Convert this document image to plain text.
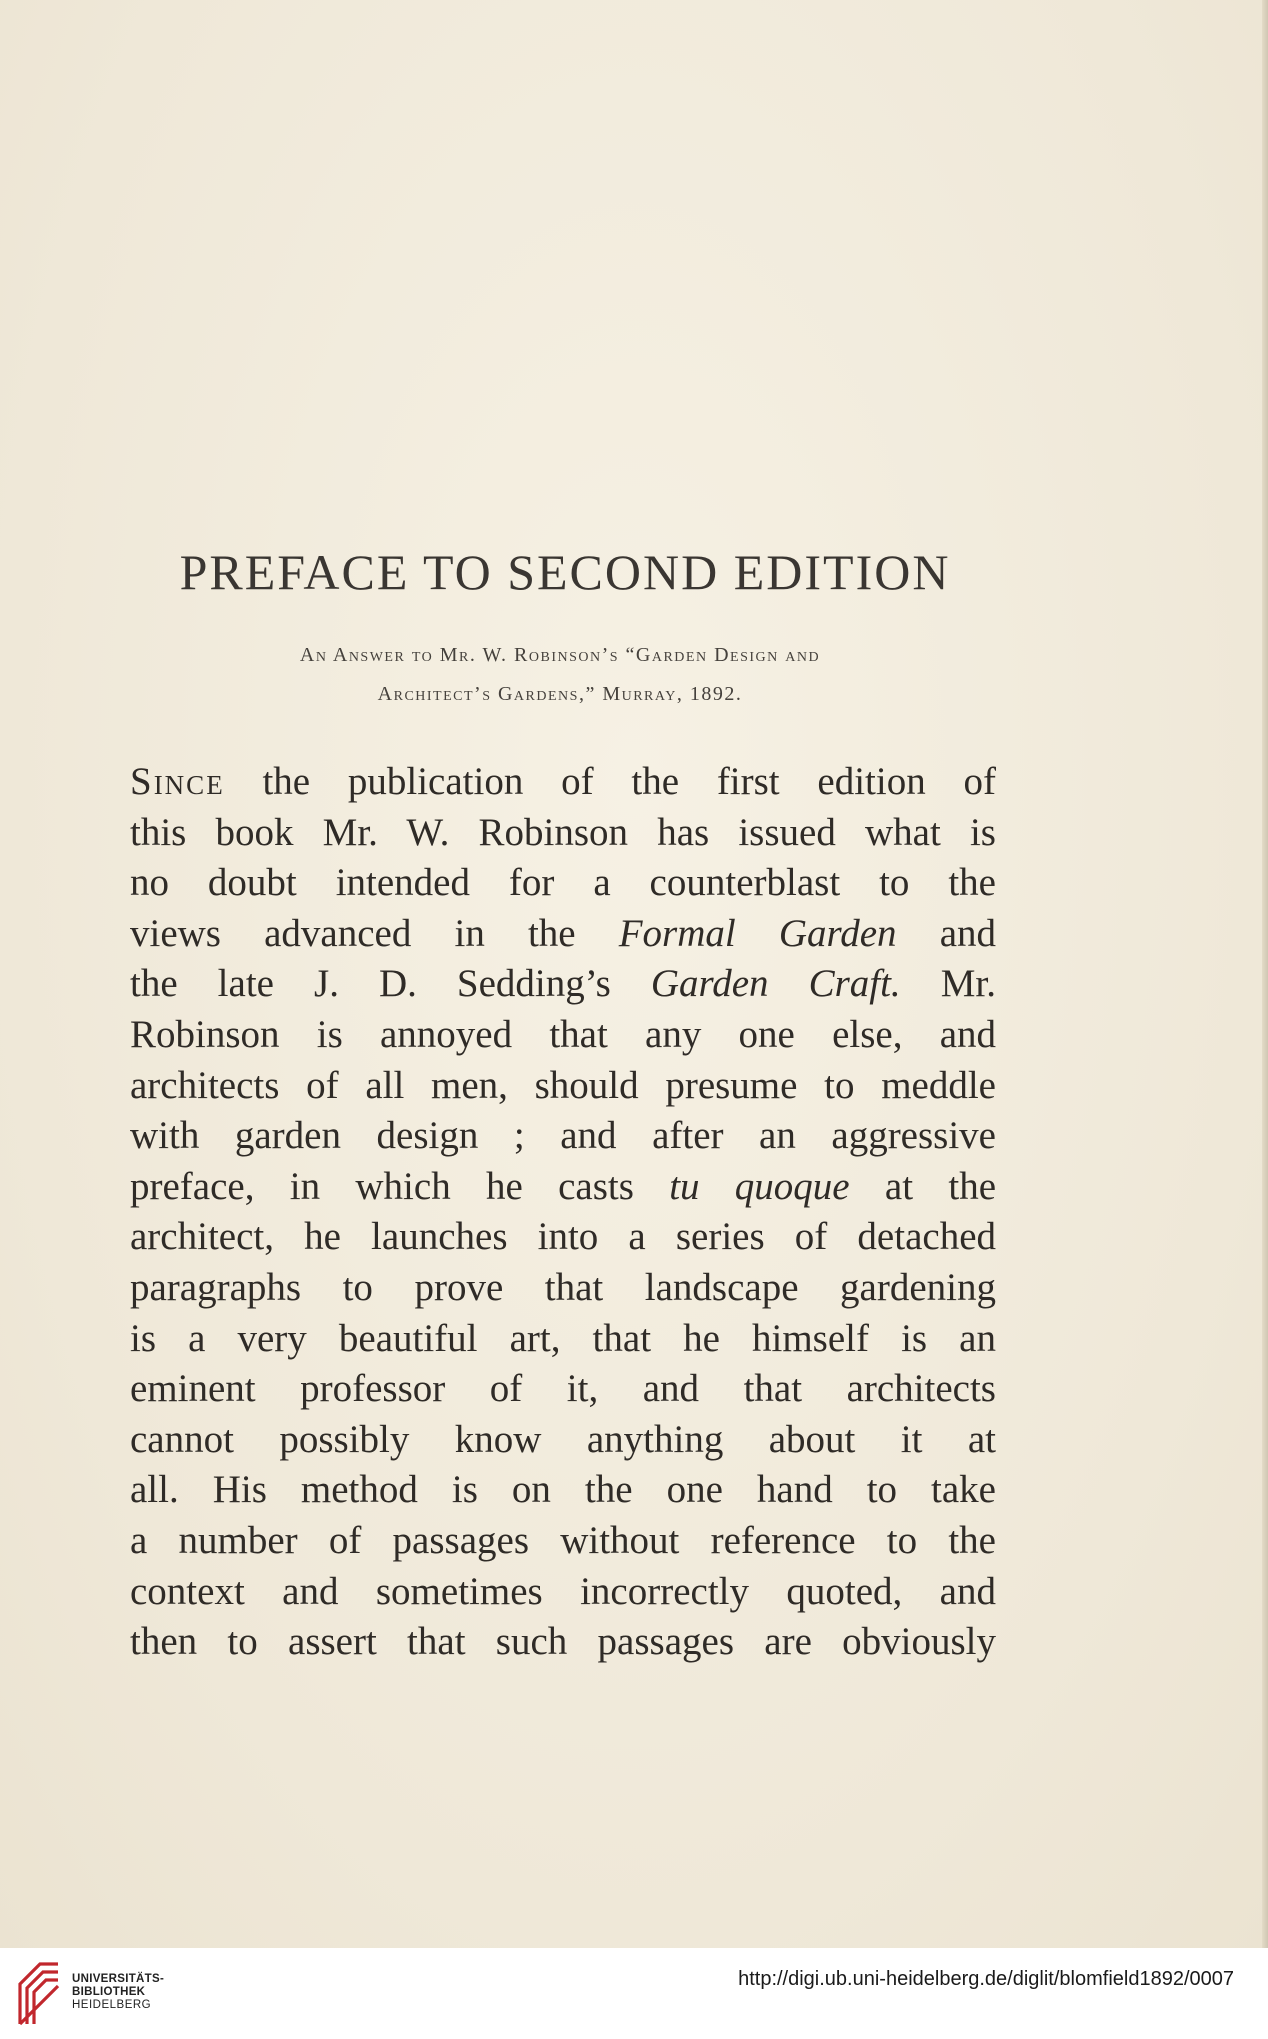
PREFACE TO SECOND EDITION
An Answer to Mr. W. Robinson’s “Garden Design and
Architect’s Gardens,” Murray, 1892.
Since the publication of the first edition of
this book Mr. W. Robinson has issued what is
no doubt intended for a counterblast to the
views advanced in the Formal Garden and
the late J. D. Sedding’s Garden Craft. Mr.
Robinson is annoyed that any one else, and
architects of all men, should presume to meddle
with garden design ; and after an aggressive
preface, in which he casts tu quoque at the
architect, he launches into a series of detached
paragraphs to prove that landscape gardening
is a very beautiful art, that he himself is an
eminent professor of it, and that architects
cannot possibly know anything about it at
all. His method is on the one hand to take
a number of passages without reference to the
context and sometimes incorrectly quoted, and
then to assert that such passages are obviously
UNIVERSITÄTS-
BIBLIOTHEK
HEIDELBERG
http://digi.ub.uni-heidelberg.de/diglit/blomfield1892/0007
